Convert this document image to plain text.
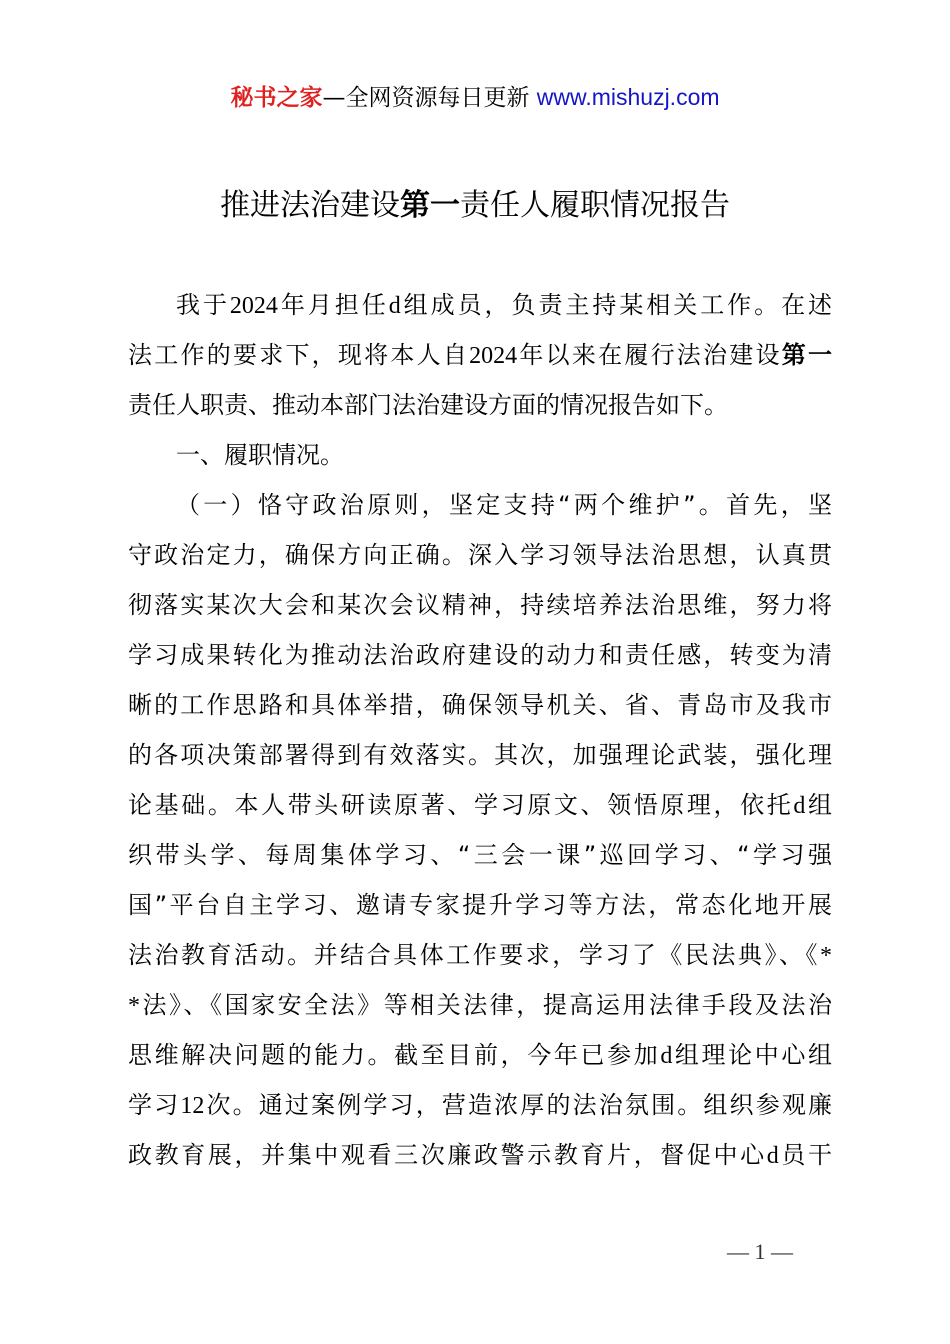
秘书之家—全网资源每日更新 www.mishuzj.com
推进法治建设第一责任人履职情况报告
我于2024年月担任d组成员，负责主持某相关工作。在述
法工作的要求下，现将本人自2024年以来在履行法治建设第一
责任人职责、推动本部门法治建设方面的情况报告如下。
一、履职情况。
（一）恪守政治原则，坚定支持“两个维护”。首先，坚
守政治定力，确保方向正确。深入学习领导法治思想，认真贯
彻落实某次大会和某次会议精神，持续培养法治思维，努力将
学习成果转化为推动法治政府建设的动力和责任感，转变为清
晰的工作思路和具体举措，确保领导机关、省、青岛市及我市
的各项决策部署得到有效落实。其次，加强理论武装，强化理
论基础。本人带头研读原著、学习原文、领悟原理，依托d组
织带头学、每周集体学习、“三会一课”巡回学习、“学习强
国”平台自主学习、邀请专家提升学习等方法，常态化地开展
法治教育活动。并结合具体工作要求，学习了《民法典》、《*
*法》、《国家安全法》等相关法律，提高运用法律手段及法治
思维解决问题的能力。截至目前，今年已参加d组理论中心组
学习12次。通过案例学习，营造浓厚的法治氛围。组织参观廉
政教育展，并集中观看三次廉政警示教育片，督促中心d员干
— 1 —
